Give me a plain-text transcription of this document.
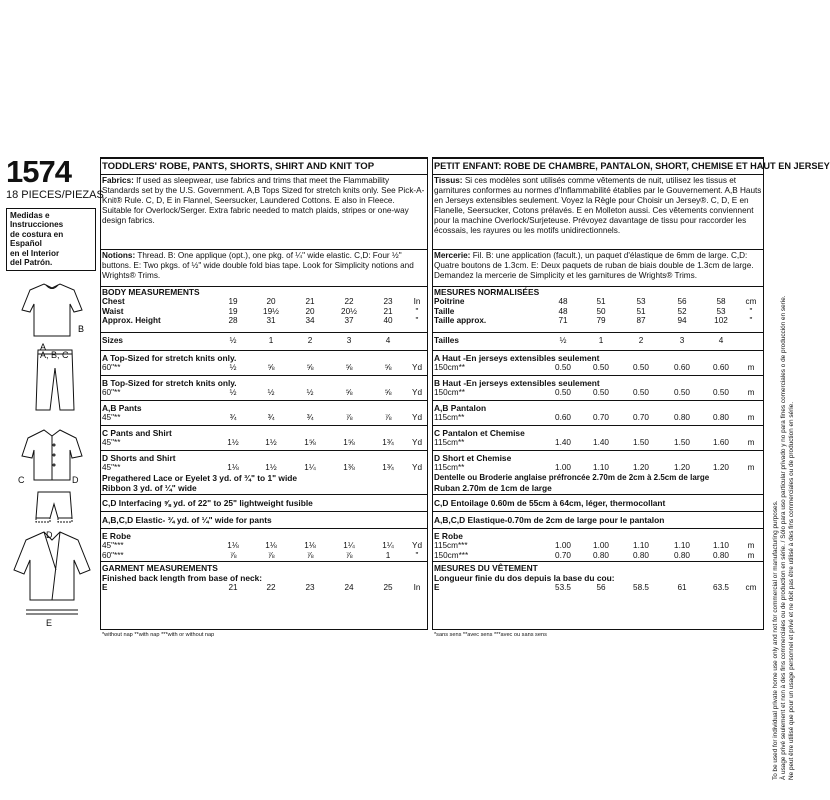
1574
18 PIECES/PIEZAS
Medidas e Instrucciones
de costura en Español
en el Interior
del Patrón.
A
B
A, B, C
C	D
D
E
TODDLERS' ROBE, PANTS, SHORTS, SHIRT AND KNIT TOP
Fabrics: If used as sleepwear, use fabrics and trims that meet the Flammability Standards set by the U.S. Government. A,B Tops Sized for stretch knits only. See Pick-A-Knit® Rule. C, D, E in Flannel, Seersucker, Laundered Cottons. E also in Fleece. Suitable for Overlock/Serger. Extra fabric needed to match plaids, stripes or one-way design fabrics.
Notions: Thread. B: One applique (opt.), one pkg. of ¼" wide elastic. C,D: Four ½" buttons. E: Two pkgs. of ½" wide double fold bias tape. Look for Simplicity notions and Wrights® Trims.
BODY MEASUREMENTS
Chest	19	20	21	22	23	In
Waist	19	19½	20	20½	21	"
Approx. Height	28	31	34	37	40	"
Sizes	½	1	2	3	4
A Top-Sized for stretch knits only.
60"**	½	⅝	⅝	⅝	⅝	Yd
B Top-Sized for stretch knits only.
60"**	½	½	½	⅝	⅝	Yd
A,B Pants
45"**	¾	¾	¾	⅞	⅞	Yd
C Pants and Shirt
45"**	1½	1½	1⅝	1⅝	1¾	Yd
D Shorts and Shirt
45"**	1⅛	1½	1¼	1⅜	1¾	Yd
Pregathered Lace or Eyelet 3 yd. of ¾" to 1" wide
Ribbon 3 yd. of ¼" wide
C,D Interfacing ⅝ yd. of 22" to 25" lightweight fusible
A,B,C,D Elastic- ¾ yd. of ¼" wide for pants
E Robe
45"***	1⅛	1⅛	1⅛	1¼	1¼	Yd
60"***	⅞	⅞	⅞	⅞	1	"
GARMENT MEASUREMENTS
Finished back length from base of neck:
E	21	22	23	24	25	In
*without nap **with nap ***with or without nap
PETIT ENFANT: ROBE DE CHAMBRE, PANTALON, SHORT, CHEMISE ET HAUT EN JERSEY
Tissus: Si ces modèles sont utilisés comme vêtements de nuit, utilisez les tissus et garnitures conformes au normes d'Inflammabilité établies par le Gouvernement. A,B Hauts en Jerseys extensibles seulement. Voyez la Règle pour Choisir un Jersey®. C, D, E en Flanelle, Seersucker, Cotons prélavés. E en Molleton aussi. Ces vêtements conviennent pour la machine Overlock/Surjeteuse. Prévoyez davantage de tissu pour raccorder les écossais, les rayures ou les motifs unidirectionnels.
Mercerie: Fil. B: une application (facult.), un paquet d'élastique de 6mm de large. C,D: Quatre boutons de 1.3cm. E: Deux paquets de ruban de biais double de 1.3cm de large. Demandez la mercerie de Simplicity et les garnitures de Wrights® Trims.
MESURES NORMALISÉES
Poitrine	48	51	53	56	58	cm
Taille	48	50	51	52	53	"
Taille approx.	71	79	87	94	102	"
Tailles	½	1	2	3	4
A Haut -En jerseys extensibles seulement
150cm**	0.50	0.50	0.50	0.60	0.60	m
B Haut -En jerseys extensibles seulement
150cm**	0.50	0.50	0.50	0.50	0.50	m
A,B Pantalon
115cm**	0.60	0.70	0.70	0.80	0.80	m
C Pantalon et Chemise
115cm**	1.40	1.40	1.50	1.50	1.60	m
D Short et Chemise
115cm**	1.00	1.10	1.20	1.20	1.20	m
Dentelle ou Broderie anglaise préfroncée 2.70m de 2cm à 2.5cm de large
Ruban 2.70m de 1cm de large
C,D Entoilage 0.60m de 55cm à 64cm, léger, thermocollant
A,B,C,D Elastique-0.70m de 2cm de large pour le pantalon
E Robe
115cm***	1.00	1.00	1.10	1.10	1.10	m
150cm***	0.70	0.80	0.80	0.80	0.80	m
MESURES DU VÊTEMENT
Longueur finie du dos depuis la base du cou:
E	53.5	56	58.5	61	63.5	cm
*sans sens **avec sens ***avec ou sans sens	To be used for individual private home use only and not for commercial or manufacturing purposes. À usage privé seulement et non à des fins commerciales ou de production en série. / Sólo para uso particular privado y no para fines comerciales o de producción en serie. Ne peut être utilisé que pour un usage personnel et privé et ne doit pas être utilisé à des fins commerciales ou de production en série.
